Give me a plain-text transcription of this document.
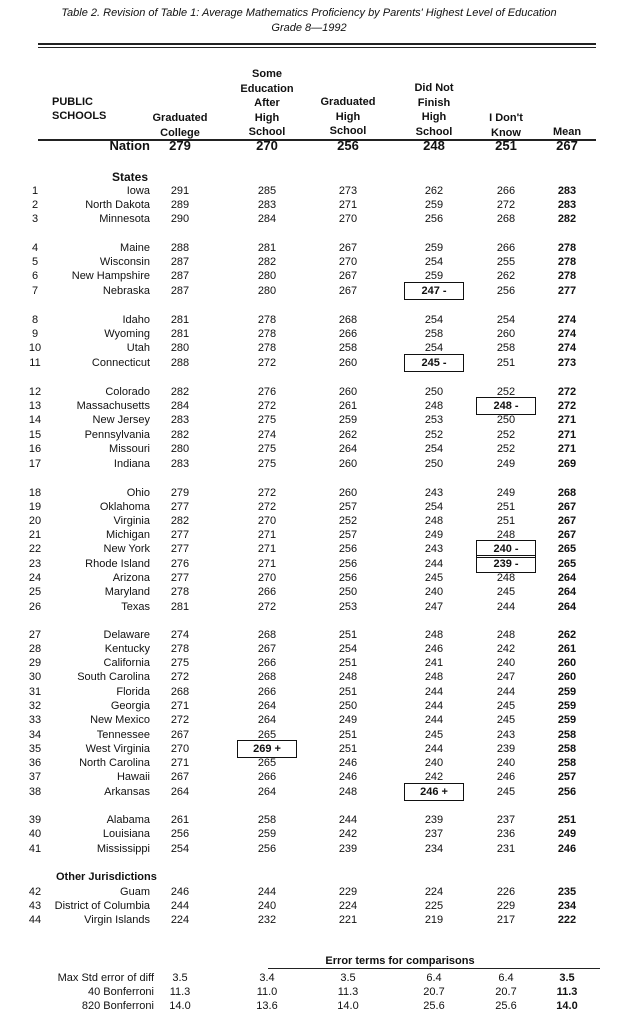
Table 2. Revision of Table 1: Average Mathematics Proficiency by Parents' Highest Level of Education
Grade 8—1992
PUBLIC
SCHOOLS	Graduated
College
Some
Education
After
High
School
Graduated
High
School
Did Not
Finish
High
School
I Don't
Know	Mean
Nation	279	270	256	248	251	267
States
Other Jurisdictions
1	Iowa	291	285	273	262	266	283
2	North Dakota	289	283	271	259	272	283
3	Minnesota	290	284	270	256	268	282
4	Maine	288	281	267	259	266	278
5	Wisconsin	287	282	270	254	255	278
6	New Hampshire	287	280	267	259	262	278
7	Nebraska	287	280	267	247 -	256	277
8	Idaho	281	278	268	254	254	274
9	Wyoming	281	278	266	258	260	274
10	Utah	280	278	258	254	258	274
11	Connecticut	288	272	260	245 -	251	273
12	Colorado	282	276	260	250	252	272
13	Massachusetts	284	272	261	248	248 -	272
14	New Jersey	283	275	259	253	250	271
15	Pennsylvania	282	274	262	252	252	271
16	Missouri	280	275	264	254	252	271
17	Indiana	283	275	260	250	249	269
18	Ohio	279	272	260	243	249	268
19	Oklahoma	277	272	257	254	251	267
20	Virginia	282	270	252	248	251	267
21	Michigan	277	271	257	249	248	267
22	New York	277	271	256	243	240 -	265
23	Rhode Island	276	271	256	244	239 -	265
24	Arizona	277	270	256	245	248	264
25	Maryland	278	266	250	240	245	264
26	Texas	281	272	253	247	244	264
27	Delaware	274	268	251	248	248	262
28	Kentucky	278	267	254	246	242	261
29	California	275	266	251	241	240	260
30	South Carolina	272	268	248	248	247	260
31	Florida	268	266	251	244	244	259
32	Georgia	271	264	250	244	245	259
33	New Mexico	272	264	249	244	245	259
34	Tennessee	267	265	251	245	243	258
35	West Virginia	270	269 +	251	244	239	258
36	North Carolina	271	265	246	240	240	258
37	Hawaii	267	266	246	242	246	257
38	Arkansas	264	264	248	246 +	245	256
39	Alabama	261	258	244	239	237	251
40	Louisiana	256	259	242	237	236	249
41	Mississippi	254	256	239	234	231	246
42	Guam	246	244	229	224	226	235
43	District of Columbia	244	240	224	225	229	234
44	Virgin Islands	224	232	221	219	217	222
Error terms for comparisons
Max Std error of diff	3.5	3.4	3.5	6.4	6.4	3.5
40 Bonferroni	11.3	11.0	11.3	20.7	20.7	11.3
820 Bonferroni	14.0	13.6	14.0	25.6	25.6	14.0
